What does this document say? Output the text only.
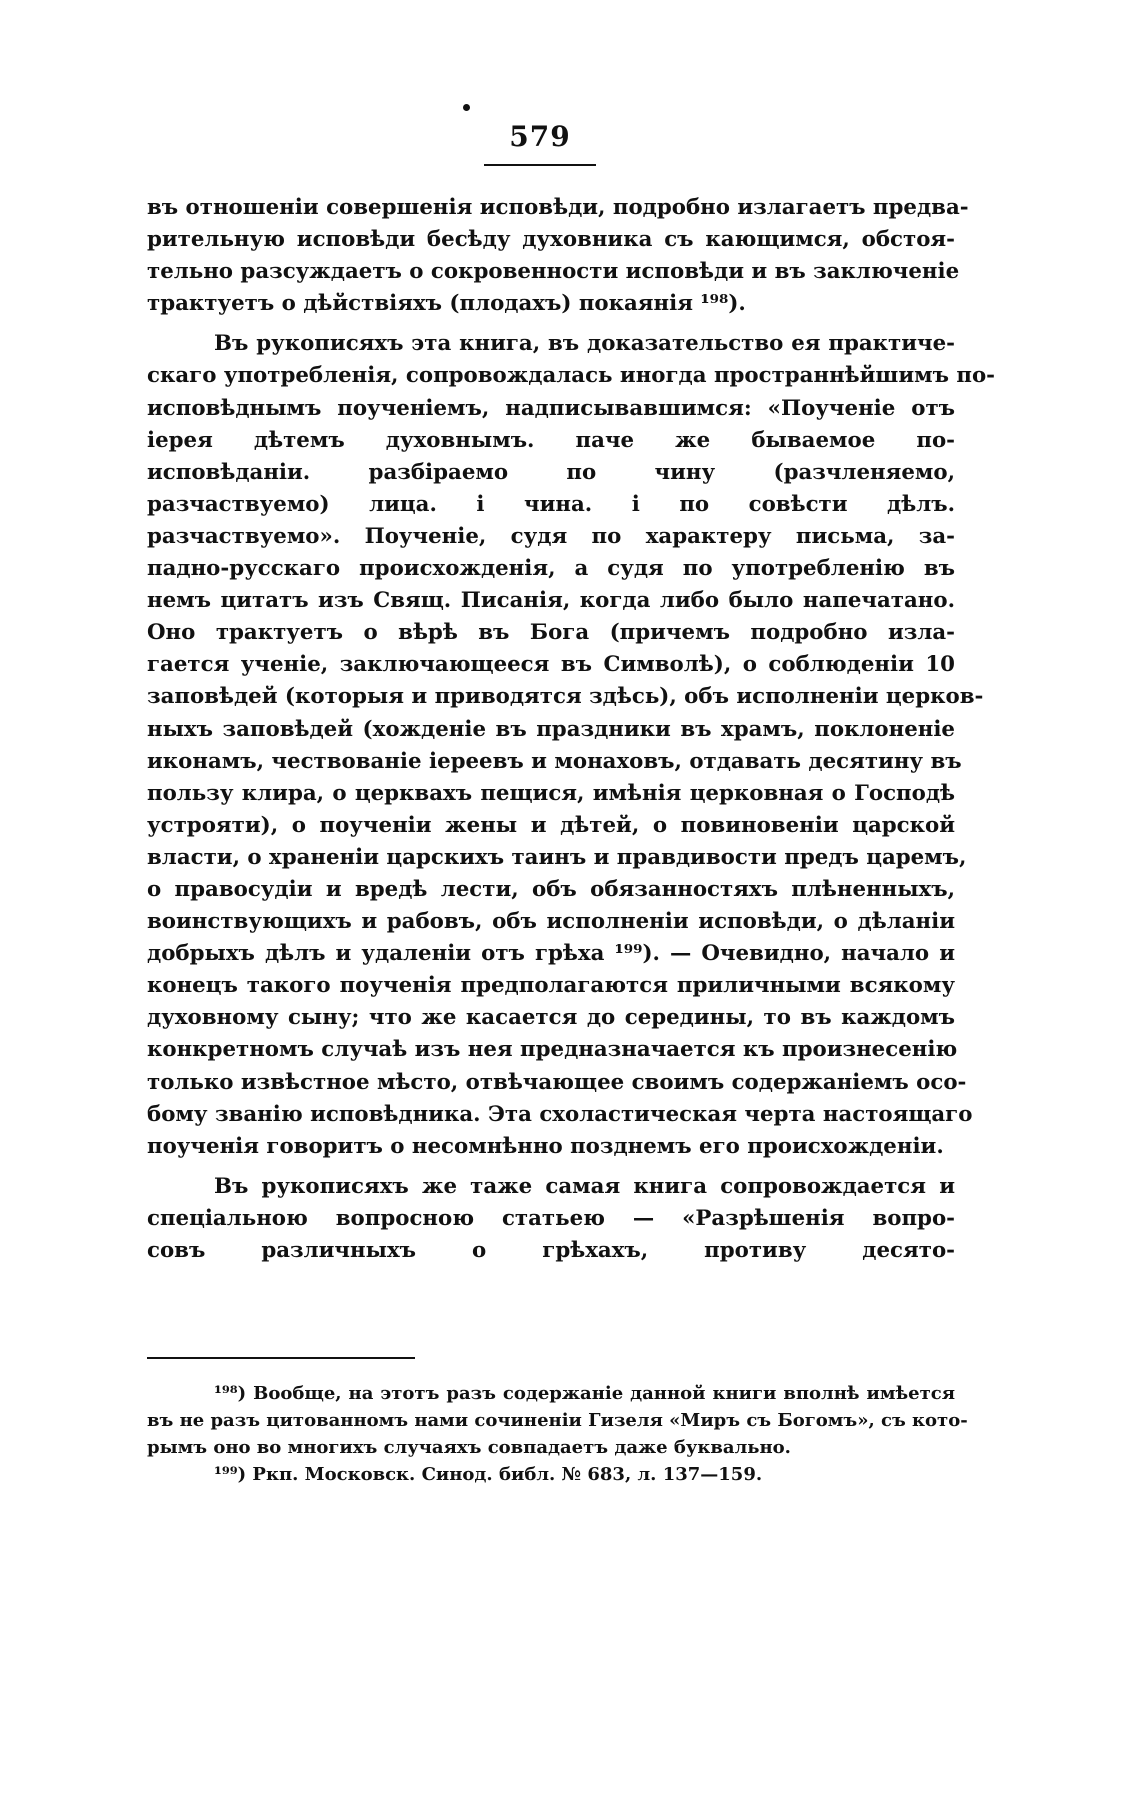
579
въ отношенiи совершенiя исповѣди, подробно излагаетъ предва-
рительную исповѣди бесѣду духовника съ кающимся, обстоя-
тельно разсуждаетъ о сокровенности исповѣди и въ заключенiе
трактуетъ о дѣйствiяхъ (плодахъ) покаянiя ¹⁹⁸).
Въ рукописяхъ эта книга, въ доказательство ея практиче-
скаго употребленiя, сопровождалась иногда пространнѣйшимъ по-
исповѣднымъ поученiемъ, надписывавшимся: «Поученiе отъ
iерея дѣтемъ духовнымъ. паче же бываемое по-
исповѣданiи. разбiраемо по чину (разчленяемо,
разчаствуемо) лица. i чина. i по совѣсти дѣлъ.
разчаствуемо». Поученiе, судя по характеру письма, за-
падно-русскаго происхожденiя, а судя по употребленiю въ
немъ цитатъ изъ Свящ. Писанiя, когда либо было напечатано.
Оно трактуетъ о вѣрѣ въ Бога (причемъ подробно изла-
гается ученiе, заключающееся въ Символѣ), о соблюденiи 10
заповѣдей (которыя и приводятся здѣсь), объ исполненiи церков-
ныхъ заповѣдей (хожденiе въ праздники въ храмъ, поклоненiе
иконамъ, чествованiе iереевъ и монаховъ, отдавать десятину въ
пользу клира, о церквахъ пещися, имѣнiя церковная о Господѣ
устрояти), о поученiи жены и дѣтей, о повиновенiи царской
власти, о храненiи царскихъ таинъ и правдивости предъ царемъ,
о правосудiи и вредѣ лести, объ обязанностяхъ плѣненныхъ,
воинствующихъ и рабовъ, объ исполненiи исповѣди, о дѣланiи
добрыхъ дѣлъ и удаленiи отъ грѣха ¹⁹⁹). — Очевидно, начало и
конецъ такого поученiя предполагаются приличными всякому
духовному сыну; что же касается до середины, то въ каждомъ
конкретномъ случаѣ изъ нея предназначается къ произнесенiю
только извѣстное мѣсто, отвѣчающее своимъ содержанiемъ осо-
бому званiю исповѣдника. Эта схоластическая черта настоящаго
поученiя говоритъ о несомнѣнно позднемъ его происхожденiи.
Въ рукописяхъ же таже самая книга сопровождается и
спецiальною вопросною статьею — «Разрѣшенiя вопро-
совъ различныхъ о грѣхахъ, противу десято-
¹⁹⁸) Вообще, на этотъ разъ содержанiе данной книги вполнѣ имѣется
въ не разъ цитованномъ нами сочиненiи Гизеля «Миръ съ Богомъ», съ кото-
рымъ оно во многихъ случаяхъ совпадаетъ даже буквально.
¹⁹⁹) Ркп. Московск. Синод. библ. № 683, л. 137—159.
